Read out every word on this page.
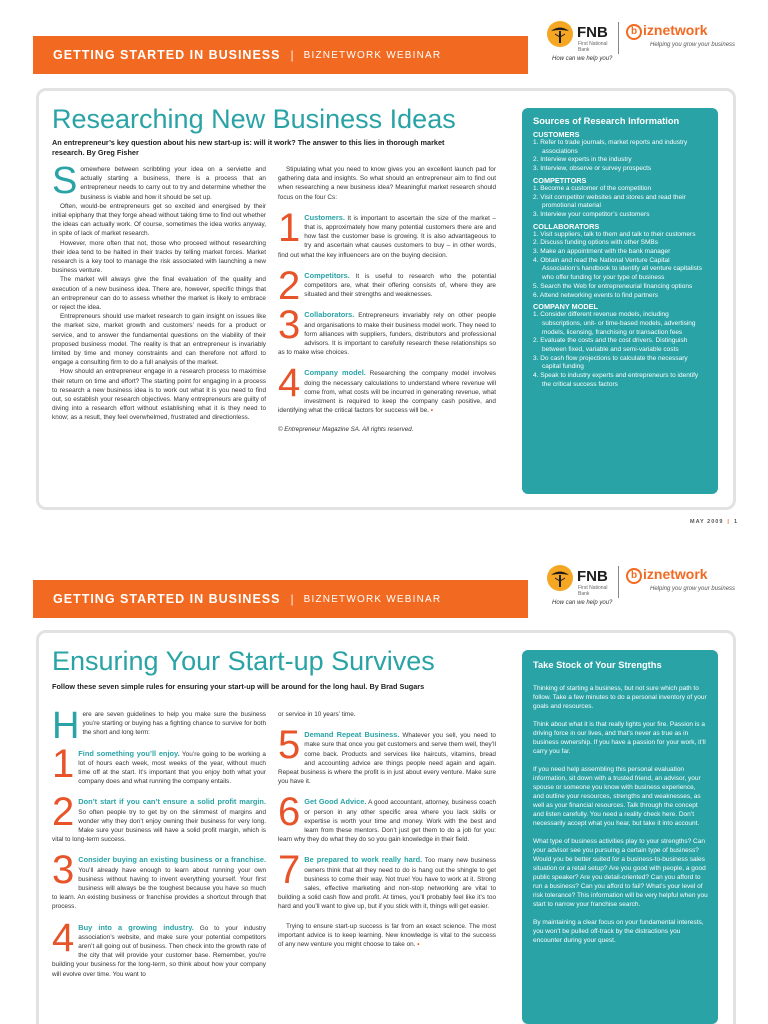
GETTING STARTED IN BUSINESS | BIZNETWORK WEBINAR
FNB
First National Bank
How can we help you?
b iznetwork
Helping you grow your business
Researching New Business Ideas
An entrepreneur’s key question about his new start-up is: will it work? The answer to this lies in thorough market research. By Greg Fisher

Somewhere between scribbling your idea on a serviette and actually starting a business, there is a process that an entrepreneur needs to carry out to try and determine whether the business is viable and how it should be set up.

Often, would-be entrepreneurs get so excited and energised by their initial epiphany that they forge ahead without taking time to find out whether the ideas can actually work. Of course, sometimes the idea works anyway, in spite of lack of market research.

However, more often that not, those who proceed without researching their idea tend to be halted in their tracks by telling market forces. Market research is a key tool to manage the risk associated with launching a new business venture.

The market will always give the final evaluation of the quality and execution of a new business idea. There are, however, specific things that an entrepreneur can do to assess whether the market is likely to embrace or reject the idea.

Entrepreneurs should use market research to gain insight on issues like the market size, market growth and customers’ needs for a product or service, and to answer the fundamental questions on the viability of their proposed business model. The reality is that an entrepreneur is invariably limited by time and money constraints and can therefore not afford to engage a consulting firm to do a full analysis of the market.

How should an entrepreneur engage in a research process to maximise their return on time and effort? The starting point for engaging in a process to research a new business idea is to work out what it is you need to find out, so establish your research objectives. Many entrepreneurs are guilty of diving into a research effort without establishing what it is they need to know; as a result, they feel overwhelmed, frustrated and directionless.

Stipulating what you need to know gives you an excellent launch pad for gathering data and insights. So what should an entrepreneur aim to find out when researching a new business idea? Meaningful market research should focus on the four Cs:

1 Customers. It is important to ascertain the size of the market – that is, approximately how many potential customers there are and how fast the customer base is growing. It is also advantageous to try and ascertain what causes customers to buy – in other words, find out what the key influencers are on the buying decision.
2 Competitors. It is useful to research who the potential competitors are, what their offering consists of, where they are situated and their strengths and weaknesses.
3 Collaborators. Entrepreneurs invariably rely on other people and organisations to make their business model work. They need to form alliances with suppliers, funders, distributors and professional advisors. It is important to carefully research these relationships so as to make wise choices.
4 Company model. Researching the company model involves doing the necessary calculations to understand where revenue will come from, what costs will be incurred in generating revenue, what investment is required to keep the company cash positive, and identifying what the critical factors for success will be. •

© Entrepreneur Magazine SA. All rights reserved.

Sources of Research Information
CUSTOMERS
1. Refer to trade journals, market reports and industry associations
2. Interview experts in the industry
3. Interview, observe or survey prospects
COMPETITORS
1. Become a customer of the competition
2. Visit competitor websites and stores and read their promotional material
3. Interview your competitor’s customers
COLLABORATORS
1. Visit suppliers, talk to them and talk to their customers
2. Discuss funding options with other SMBs
3. Make an appointment with the bank manager
4. Obtain and read the National Venture Capital Association’s handbook to identify all venture capitalists who offer funding for your type of business
5. Search the Web for entrepreneurial financing options
6. Attend networking events to find partners
COMPANY MODEL
1. Consider different revenue models, including subscriptions, unit- or time-based models, advertising models, licensing, franchising or transaction fees
2. Evaluate the costs and the cost drivers. Distinguish between fixed, variable and semi-variable costs
3. Do cash flow projections to calculate the necessary capital funding
4. Speak to industry experts and entrepreneurs to identify the critical success factors
MAY 2009 | 1
GETTING STARTED IN BUSINESS | BIZNETWORK WEBINAR
FNB
First National Bank
How can we help you?
b iznetwork
Helping you grow your business
Ensuring Your Start-up Survives
Follow these seven simple rules for ensuring your start-up will be around for the long haul. By Brad Sugars

Here are seven guidelines to help you make sure the business you’re starting or buying has a fighting chance to survive for both the short and long term:

1 Find something you’ll enjoy. You’re going to be working a lot of hours each week, most weeks of the year, without much time off at the start. It’s important that you enjoy both what your company does and what running the company entails.
2 Don’t start if you can’t ensure a solid profit margin. So often people try to get by on the slimmest of margins and wonder why they don’t enjoy owning their business for very long. Make sure your business will have a solid profit margin, which is vital to long-term success.
3 Consider buying an existing business or a franchise. You’ll already have enough to learn about running your own business without having to invent everything yourself. Your first business will always be the toughest because you have so much to learn. An existing business or franchise provides a shortcut through that process.
4 Buy into a growing industry. Go to your industry association’s website, and make sure your potential competitors aren’t all going out of business. Then check into the growth rate of the city that will provide your customer base. Remember, you’re building your business for the long-term, so think about how your company will evolve over time. You want to

or service in 10 years’ time.

5 Demand Repeat Business. Whatever you sell, you need to make sure that once you get customers and serve them well, they’ll come back. Products and services like haircuts, vitamins, bread and accounting advice are things people need again and again. Repeat business is where the profit is in just about every venture. Make sure you have it.
6 Get Good Advice. A good accountant, attorney, business coach or person in any other specific area where you lack skills or expertise is worth your time and money. Work with the best and learn from these mentors. Don’t just get them to do a job for you: learn why they do what they do so you gain knowledge in their field.
7 Be prepared to work really hard. Too many new business owners think that all they need to do is hang out the shingle to get business to come their way. Not true! You have to work at it. Strong sales, effective marketing and non-stop networking are vital to building a solid cash flow and profit. At times, you’ll probably feel like it’s too hard and you’ll want to give up, but if you stick with it, things will get easier.

Trying to ensure start-up success is far from an exact science. The most important advice is to keep learning. New knowledge is vital to the success of any new venture you might choose to take on. •

Take Stock of Your Strengths

Thinking of starting a business, but not sure which path to follow. Take a few minutes to do a personal inventory of your goals and resources.

Think about what it is that really lights your fire. Passion is a driving force in our lives, and that’s never as true as in business ownership. If you have a passion for your work, it’ll carry you far.

If you need help assembling this personal evaluation information, sit down with a trusted friend, an advisor, your spouse or someone you know with business experience, and outline your resources, strengths and weaknesses, as well as your financial resources. Talk through the concept and listen carefully. You need a reality check here. Don’t necessarily accept what you hear, but take it into account.

What type of business activities play to your strengths? Can your advisor see you pursuing a certain type of business? Would you be better suited for a business-to-business sales situation or a retail setup? Are you good with people, a good public speaker? Are you detail-oriented? Can you afford to run a business? Can you afford to fail? What’s your level of risk tolerance? This information will be very helpful when you start to narrow your franchise search.

By maintaining a clear focus on your fundamental interests, you won’t be pulled off-track by the distractions you encounter during your quest.
